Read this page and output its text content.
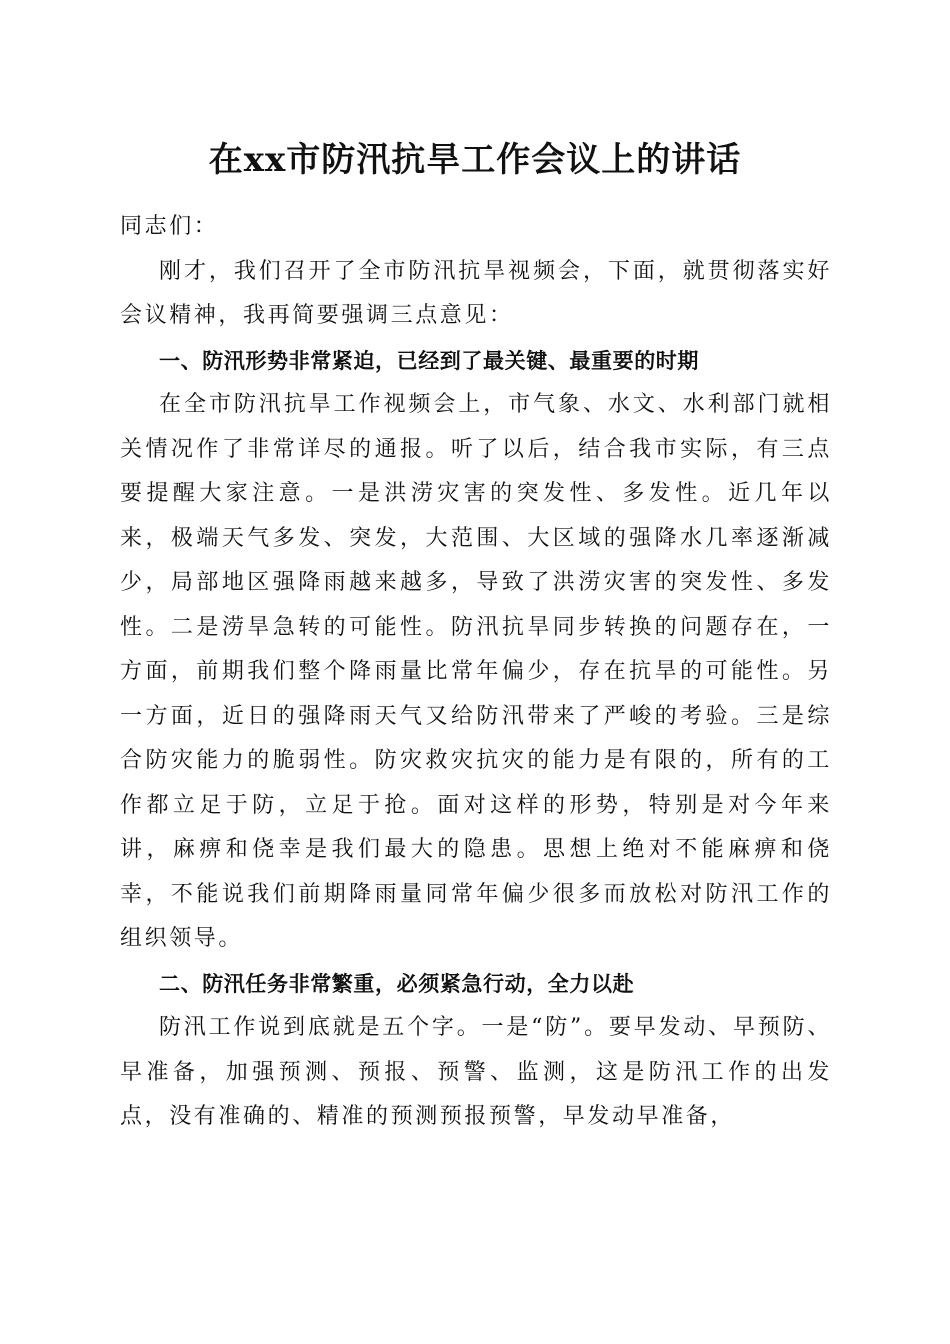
在xx市防汛抗旱工作会议上的讲话

同志们：

刚才，我们召开了全市防汛抗旱视频会，下面，就贯彻落实好会议精神，我再简要强调三点意见：

一、防汛形势非常紧迫，已经到了最关键、最重要的时期

在全市防汛抗旱工作视频会上，市气象、水文、水利部门就相关情况作了非常详尽的通报。听了以后，结合我市实际，有三点要提醒大家注意。一是洪涝灾害的突发性、多发性。近几年以来，极端天气多发、突发，大范围、大区域的强降水几率逐渐减少，局部地区强降雨越来越多，导致了洪涝灾害的突发性、多发性。二是涝旱急转的可能性。防汛抗旱同步转换的问题存在，一方面，前期我们整个降雨量比常年偏少，存在抗旱的可能性。另一方面，近日的强降雨天气又给防汛带来了严峻的考验。三是综合防灾能力的脆弱性。防灾救灾抗灾的能力是有限的，所有的工作都立足于防，立足于抢。面对这样的形势，特别是对今年来讲，麻痹和侥幸是我们最大的隐患。思想上绝对不能麻痹和侥幸，不能说我们前期降雨量同常年偏少很多而放松对防汛工作的组织领导。

二、防汛任务非常繁重，必须紧急行动，全力以赴

防汛工作说到底就是五个字。一是“防”。要早发动、早预防、早准备，加强预测、预报、预警、监测，这是防汛工作的出发点，没有准确的、精准的预测预报预警，早发动早准备，
